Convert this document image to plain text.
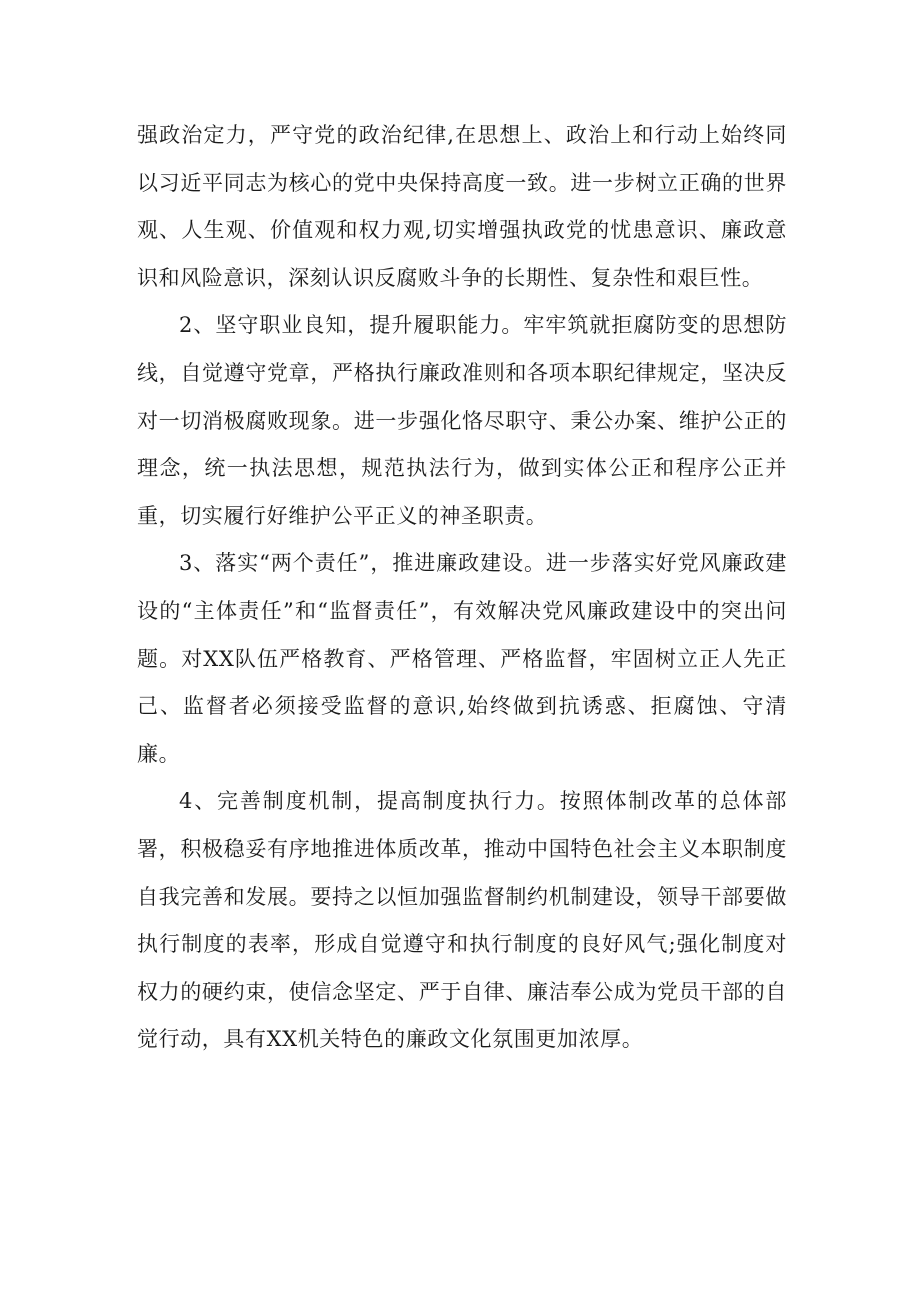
强政治定力，严守党的政治纪律,在思想上、政治上和行动上始终同以习近平同志为核心的党中央保持高度一致。进一步树立正确的世界观、人生观、价值观和权力观,切实增强执政党的忧患意识、廉政意识和风险意识，深刻认识反腐败斗争的长期性、复杂性和艰巨性。

2、坚守职业良知，提升履职能力。牢牢筑就拒腐防变的思想防线，自觉遵守党章，严格执行廉政准则和各项本职纪律规定，坚决反对一切消极腐败现象。进一步强化恪尽职守、秉公办案、维护公正的理念，统一执法思想，规范执法行为，做到实体公正和程序公正并重，切实履行好维护公平正义的神圣职责。

3、落实“两个责任”，推进廉政建设。进一步落实好党风廉政建设的“主体责任”和“监督责任”，有效解决党风廉政建设中的突出问题。对XX队伍严格教育、严格管理、严格监督，牢固树立正人先正己、监督者必须接受监督的意识,始终做到抗诱惑、拒腐蚀、守清廉。

4、完善制度机制，提高制度执行力。按照体制改革的总体部署，积极稳妥有序地推进体质改革，推动中国特色社会主义本职制度自我完善和发展。要持之以恒加强监督制约机制建设，领导干部要做执行制度的表率，形成自觉遵守和执行制度的良好风气;强化制度对权力的硬约束，使信念坚定、严于自律、廉洁奉公成为党员干部的自觉行动，具有XX机关特色的廉政文化氛围更加浓厚。
